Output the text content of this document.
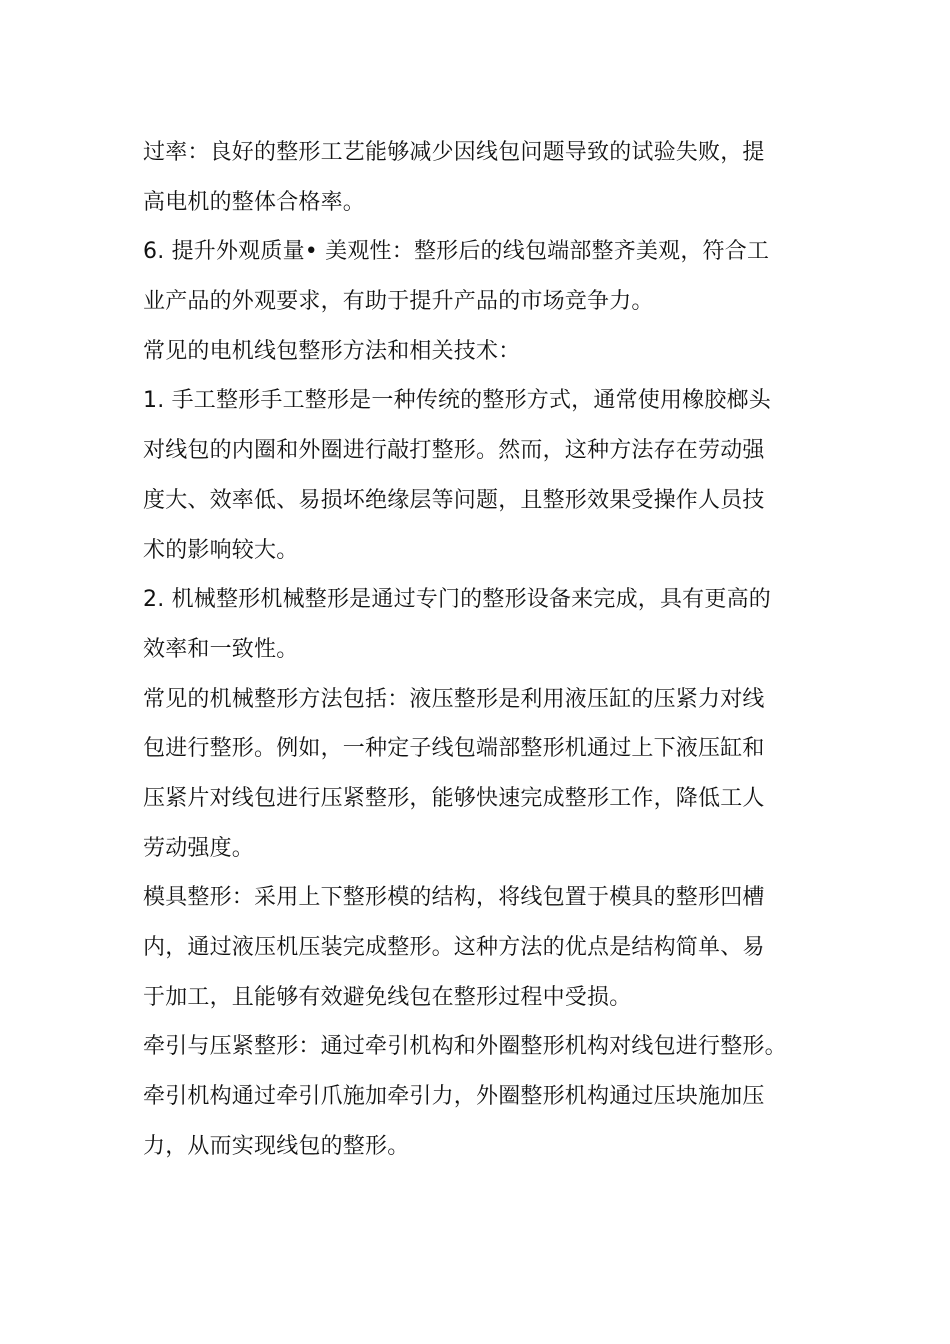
过率：良好的整形工艺能够减少因线包问题导致的试验失败，提
高电机的整体合格率。
6. 提升外观质量• 美观性：整形后的线包端部整齐美观，符合工
业产品的外观要求，有助于提升产品的市场竞争力。
常见的电机线包整形方法和相关技术：
1. 手工整形手工整形是一种传统的整形方式，通常使用橡胶榔头
对线包的内圈和外圈进行敲打整形。然而，这种方法存在劳动强
度大、效率低、易损坏绝缘层等问题，且整形效果受操作人员技
术的影响较大。
2. 机械整形机械整形是通过专门的整形设备来完成，具有更高的
效率和一致性。
常见的机械整形方法包括：液压整形是利用液压缸的压紧力对线
包进行整形。例如，一种定子线包端部整形机通过上下液压缸和
压紧片对线包进行压紧整形，能够快速完成整形工作，降低工人
劳动强度。
模具整形：采用上下整形模的结构，将线包置于模具的整形凹槽
内，通过液压机压装完成整形。这种方法的优点是结构简单、易
于加工，且能够有效避免线包在整形过程中受损。
牵引与压紧整形：通过牵引机构和外圈整形机构对线包进行整形。
牵引机构通过牵引爪施加牵引力，外圈整形机构通过压块施加压
力，从而实现线包的整形。
